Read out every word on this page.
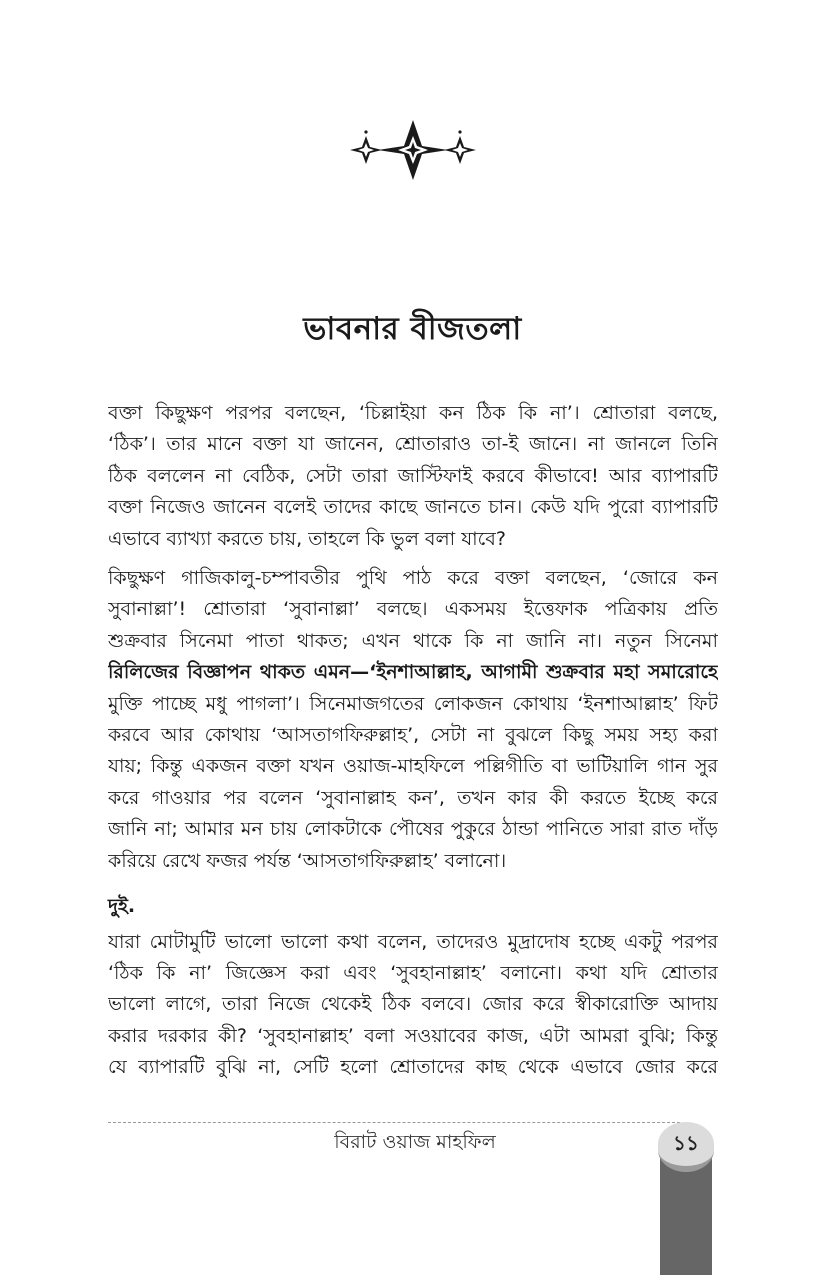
ভাবনার বীজতলা
বক্তা কিছুক্ষণ পরপর বলছেন, ‘চিল্লাইয়া কন ঠিক কি না’। শ্রোতারা বলছে,
‘ঠিক’। তার মানে বক্তা যা জানেন, শ্রোতারাও তা-ই জানে। না জানলে তিনি
ঠিক বললেন না বেঠিক, সেটা তারা জাস্টিফাই করবে কীভাবে! আর ব্যাপারটি
বক্তা নিজেও জানেন বলেই তাদের কাছে জানতে চান। কেউ যদি পুরো ব্যাপারটি
এভাবে ব্যাখ্যা করতে চায়, তাহলে কি ভুল বলা যাবে?
কিছুক্ষণ গাজিকালু-চম্পাবতীর পুথি পাঠ করে বক্তা বলছেন, ‘জোরে কন
সুবানাল্লা’! শ্রোতারা ‘সুবানাল্লা’ বলছে। একসময় ইত্তেফাক পত্রিকায় প্রতি
শুক্রবার সিনেমা পাতা থাকত; এখন থাকে কি না জানি না। নতুন সিনেমা
রিলিজের বিজ্ঞাপন থাকত এমন—‘ইনশাআল্লাহ, আগামী শুক্রবার মহা সমারোহে
মুক্তি পাচ্ছে মধু পাগলা’। সিনেমাজগতের লোকজন কোথায় ‘ইনশাআল্লাহ’ ফিট
করবে আর কোথায় ‘আসতাগফিরুল্লাহ’, সেটা না বুঝলে কিছু সময় সহ্য করা
যায়; কিন্তু একজন বক্তা যখন ওয়াজ-মাহফিলে পল্লিগীতি বা ভাটিয়ালি গান সুর
করে গাওয়ার পর বলেন ‘সুবানাল্লাহ কন’, তখন কার কী করতে ইচ্ছে করে
জানি না; আমার মন চায় লোকটাকে পৌষের পুকুরে ঠান্ডা পানিতে সারা রাত দাঁড়
করিয়ে রেখে ফজর পর্যন্ত ‘আসতাগফিরুল্লাহ’ বলানো।
দুই.
যারা মোটামুটি ভালো ভালো কথা বলেন, তাদেরও মুদ্রাদোষ হচ্ছে একটু পরপর
‘ঠিক কি না’ জিজ্ঞেস করা এবং ‘সুবহানাল্লাহ’ বলানো। কথা যদি শ্রোতার
ভালো লাগে, তারা নিজে থেকেই ঠিক বলবে। জোর করে স্বীকারোক্তি আদায়
করার দরকার কী? ‘সুবহানাল্লাহ’ বলা সওয়াবের কাজ, এটা আমরা বুঝি; কিন্তু
যে ব্যাপারটি বুঝি না, সেটি হলো শ্রোতাদের কাছ থেকে এভাবে জোর করে
বিরাট ওয়াজ মাহফিল	১১
